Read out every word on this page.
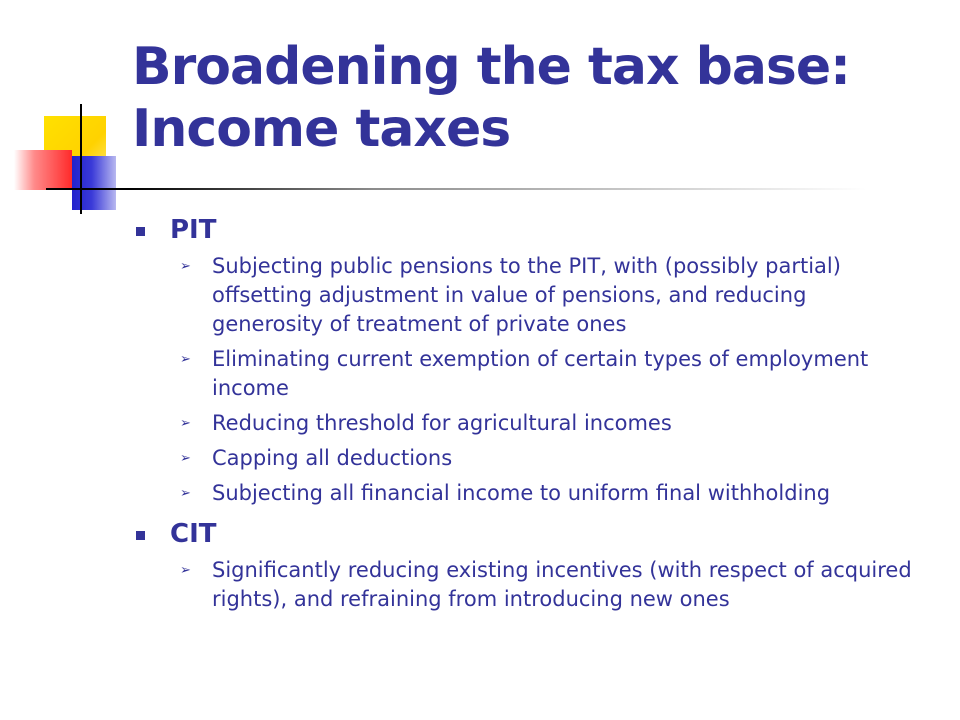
Broadening the tax base:
Income taxes
PIT
➢ Subjecting public pensions to the PIT, with (possibly partial) offsetting adjustment in value of pensions, and reducing generosity of treatment of private ones
➢ Eliminating current exemption of certain types of employment income
➢ Reducing threshold for agricultural incomes
➢ Capping all deductions
➢ Subjecting all financial income to uniform final withholding
CIT
➢ Significantly reducing existing incentives (with respect of acquired rights), and refraining from introducing new ones
